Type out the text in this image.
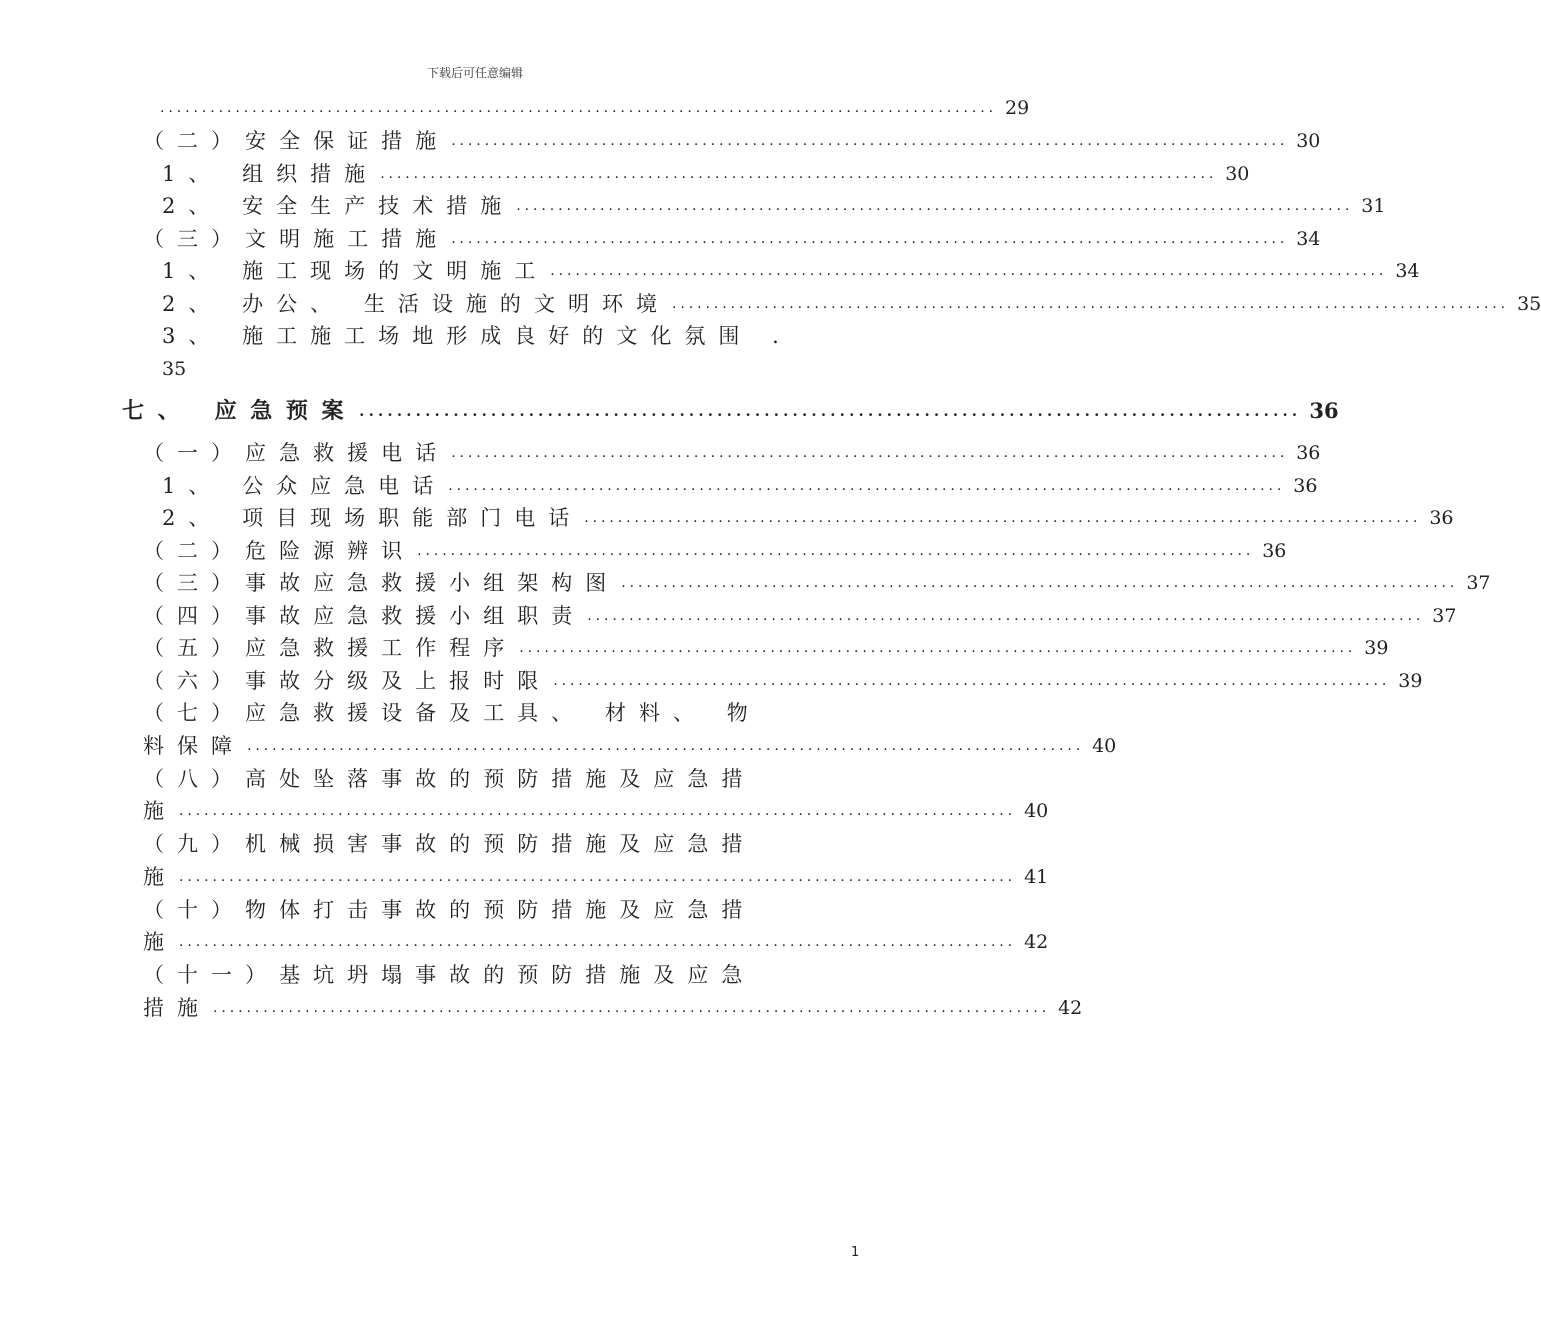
下载后可任意编辑
.................................................................................................... 29
（二）安全保证措施 .................................................................................................... 30
1、 组织措施 .................................................................................................... 30
2、 安全生产技术措施 .................................................................................................... 31
（三）文明施工措施 .................................................................................................... 34
1、 施工现场的文明施工 .................................................................................................... 34
2、 办公、 生活设施的文明环境 .................................................................................................... 35
3、 施工施工场地形成良好的文化氛围 .
35
七、 应急预案 .................................................................................................... 36
（一）应急救援电话 .................................................................................................... 36
1、 公众应急电话 .................................................................................................... 36
2、 项目现场职能部门电话 .................................................................................................... 36
（二）危险源辨识 .................................................................................................... 36
（三）事故应急救援小组架构图 .................................................................................................... 37
（四）事故应急救援小组职责 .................................................................................................... 37
（五）应急救援工作程序 .................................................................................................... 39
（六）事故分级及上报时限 .................................................................................................... 39
（七）应急救援设备及工具、 材料、 物
料保障 .................................................................................................... 40
（八）高处坠落事故的预防措施及应急措
施 .................................................................................................... 40
（九）机械损害事故的预防措施及应急措
施 .................................................................................................... 41
（十）物体打击事故的预防措施及应急措
施 .................................................................................................... 42
（十一）基坑坍塌事故的预防措施及应急
措施 .................................................................................................... 42
1
